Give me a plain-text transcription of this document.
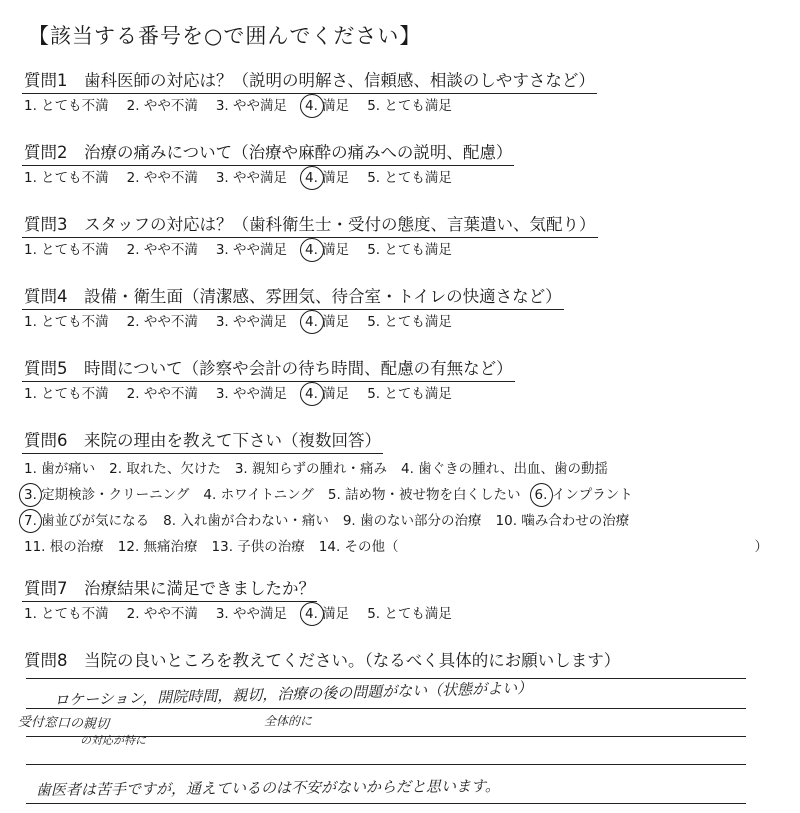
【該当する番号を○で囲んでください】
質問1　歯科医師の対応は？（説明の明解さ、信頼感、相談のしやすさなど）
1. とても不満 2. やや不満 3. やや満足 4. 満足 5. とても満足
質問2　治療の痛みについて（治療や麻酔の痛みへの説明、配慮）
1. とても不満 2. やや不満 3. やや満足 4. 満足 5. とても満足
質問3　スタッフの対応は？（歯科衛生士・受付の態度、言葉遣い、気配り）
1. とても不満 2. やや不満 3. やや満足 4. 満足 5. とても満足
質問4　設備・衛生面（清潔感、雰囲気、待合室・トイレの快適さなど）
1. とても不満 2. やや不満 3. やや満足 4. 満足 5. とても満足
質問5　時間について（診察や会計の待ち時間、配慮の有無など）
1. とても不満 2. やや不満 3. やや満足 4. 満足 5. とても満足
質問6　来院の理由を教えて下さい（複数回答）
1. 歯が痛い 2. 取れた、欠けた 3. 親知らずの腫れ・痛み 4. 歯ぐきの腫れ、出血、歯の動揺
3. 定期検診・クリーニング 4. ホワイトニング 5. 詰め物・被せ物を白くしたい 6. インプラント
7. 歯並びが気になる 8. 入れ歯が合わない・痛い 9. 歯のない部分の治療 10. 噛み合わせの治療
11. 根の治療 12. 無痛治療 13. 子供の治療 14. その他（	）
質問7　治療結果に満足できましたか？
1. とても不満 2. やや不満 3. やや満足 4. 満足 5. とても満足
質問8　当院の良いところを教えてください。（なるべく具体的にお願いします）
ロケーション，開院時間，親切，治療の後の問題がない（状態がよい）
受付窓口の親切	全体的に
の対応が特に
歯医者は苦手ですが，通えているのは不安がないからだと思います。
